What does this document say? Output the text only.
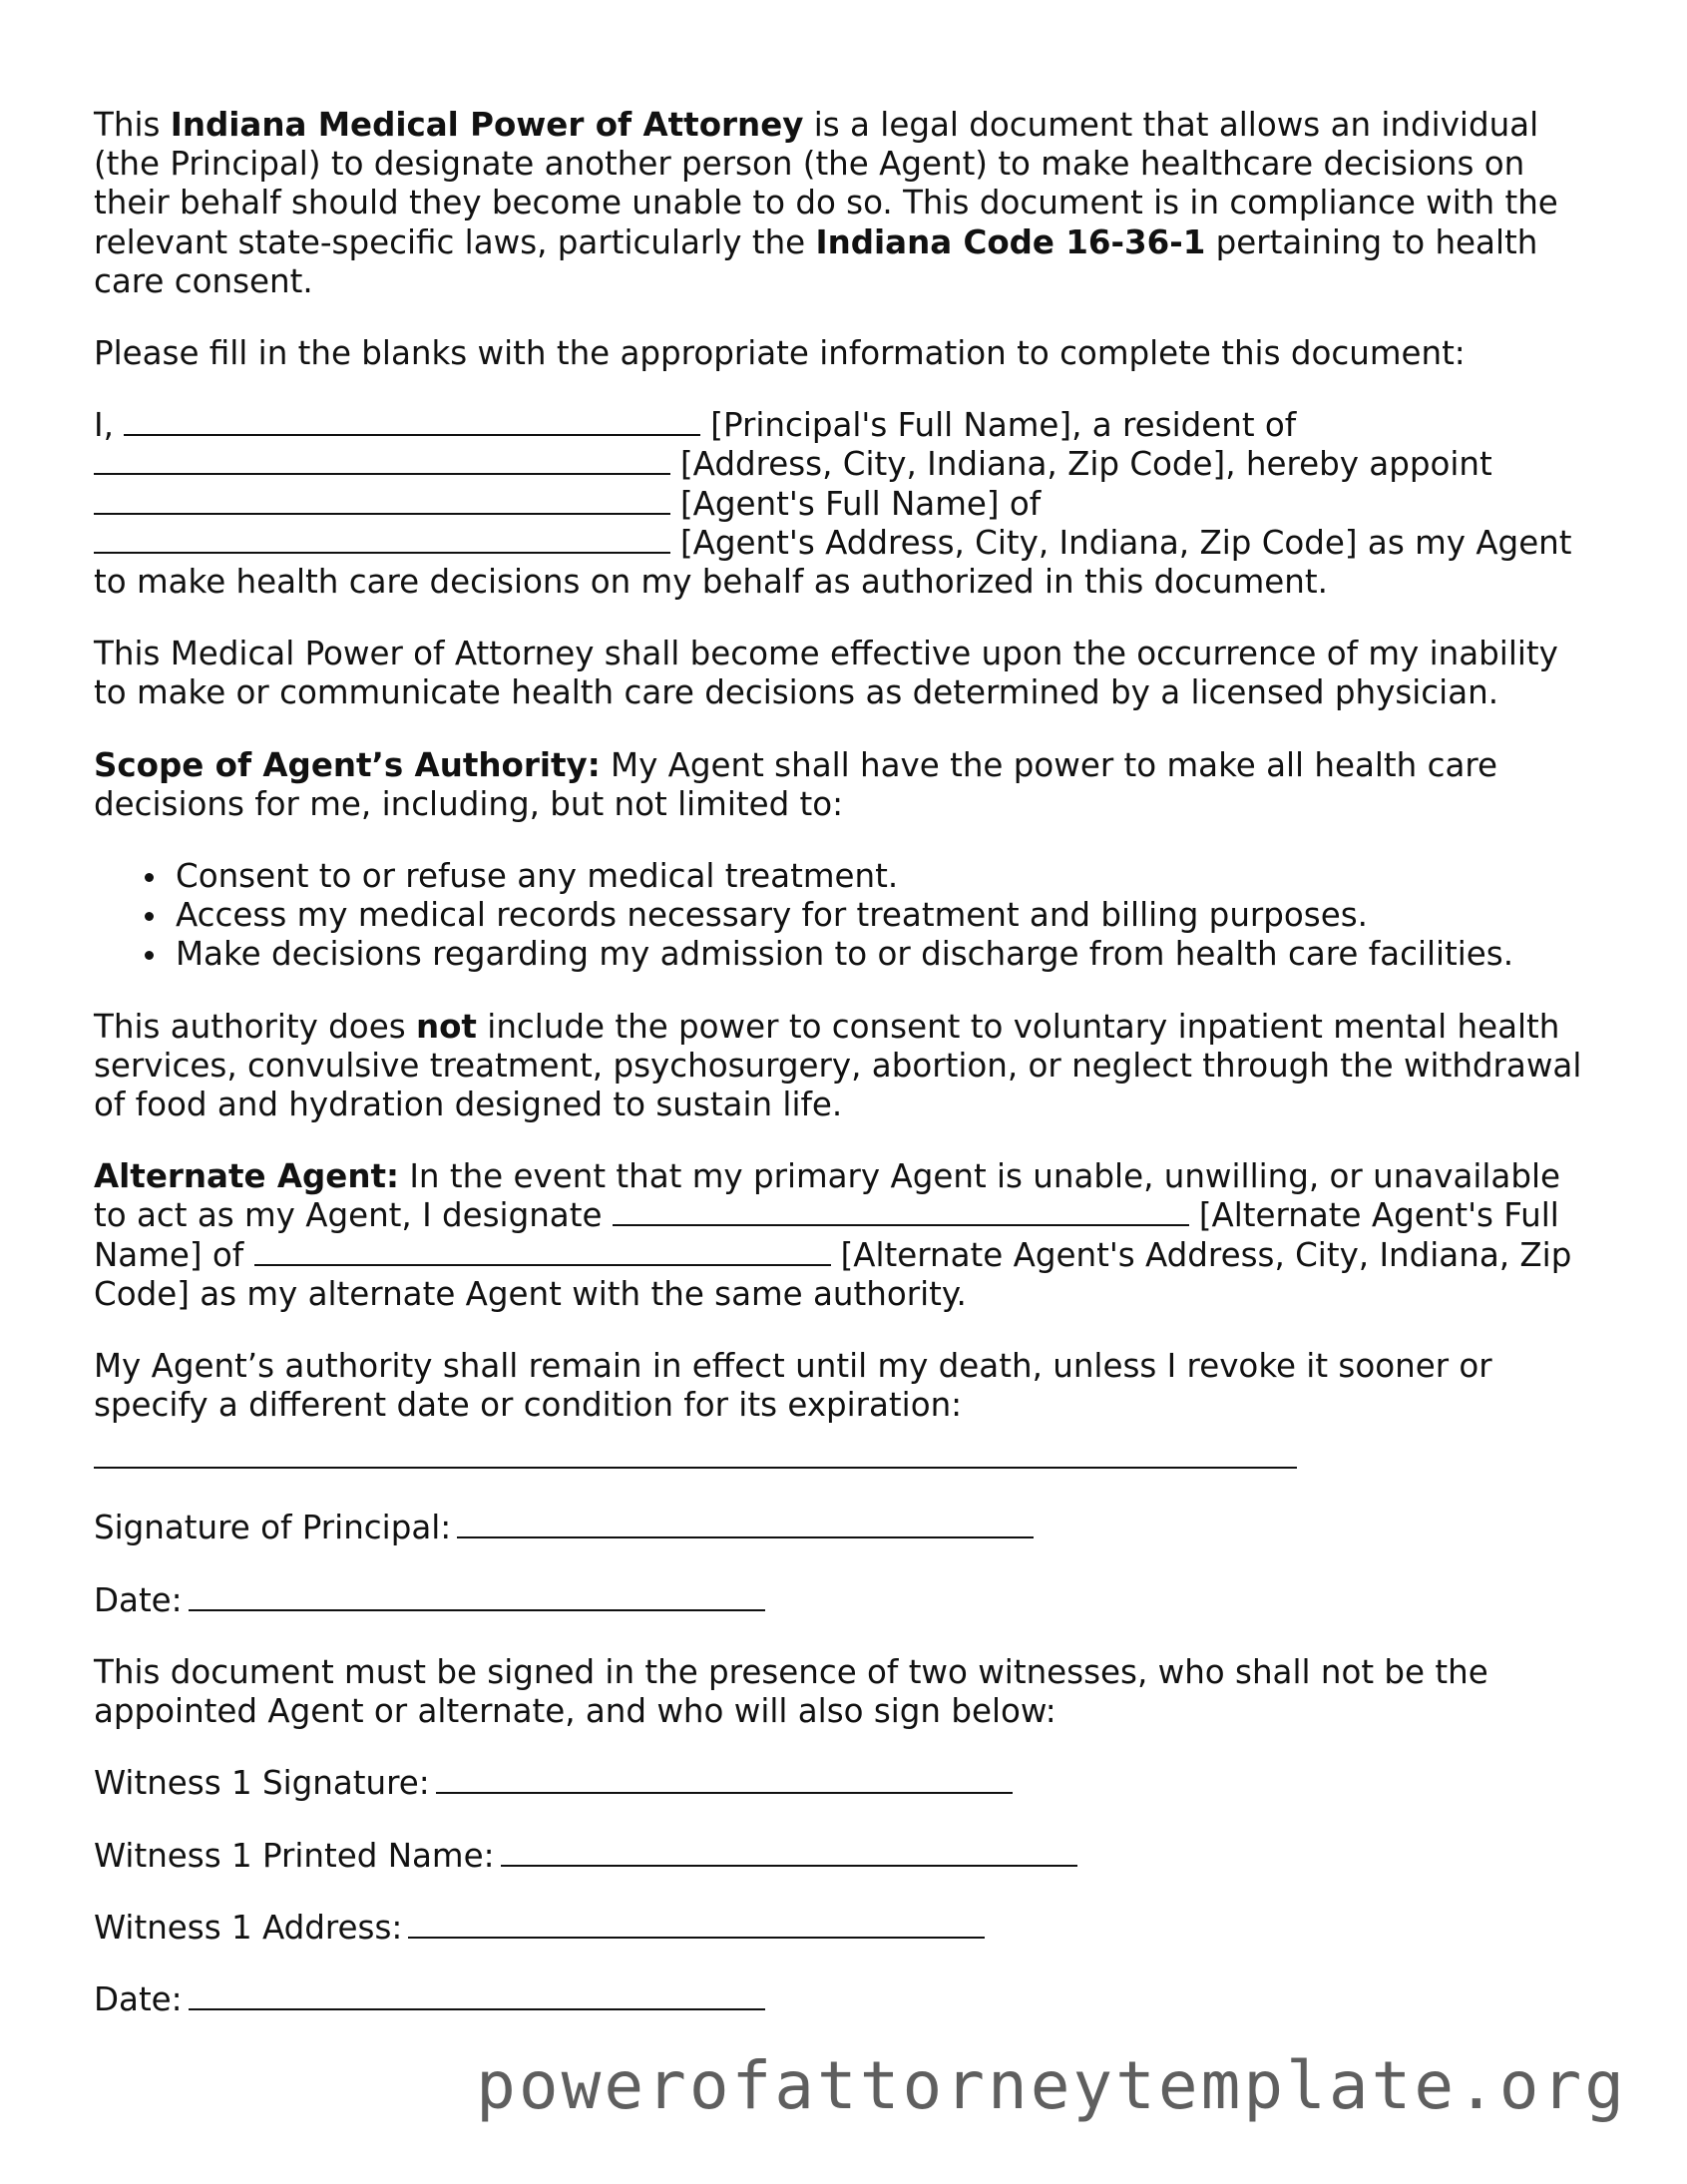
This Indiana Medical Power of Attorney is a legal document that allows an individual (the Principal) to designate another person (the Agent) to make healthcare decisions on their behalf should they become unable to do so. This document is in compliance with the relevant state-specific laws, particularly the Indiana Code 16-36-1 pertaining to health care consent.

Please fill in the blanks with the appropriate information to complete this document:

I,	[Principal's Full Name], a resident of
[Address, City, Indiana, Zip Code], hereby appoint
[Agent's Full Name] of
[Agent's Address, City, Indiana, Zip Code] as my Agent
to make health care decisions on my behalf as authorized in this document.

This Medical Power of Attorney shall become effective upon the occurrence of my inability to make or communicate health care decisions as determined by a licensed physician.

Scope of Agent’s Authority: My Agent shall have the power to make all health care decisions for me, including, but not limited to:

Consent to or refuse any medical treatment.
Access my medical records necessary for treatment and billing purposes.
Make decisions regarding my admission to or discharge from health care facilities.

This authority does not include the power to consent to voluntary inpatient mental health services, convulsive treatment, psychosurgery, abortion, or neglect through the withdrawal of food and hydration designed to sustain life.

Alternate Agent: In the event that my primary Agent is unable, unwilling, or unavailable to act as my Agent, I designate	[Alternate Agent's Full Name] of	[Alternate Agent's Address, City, Indiana, Zip Code] as my alternate Agent with the same authority.

My Agent’s authority shall remain in effect until my death, unless I revoke it sooner or specify a different date or condition for its expiration:

Signature of Principal:

Date:

This document must be signed in the presence of two witnesses, who shall not be the appointed Agent or alternate, and who will also sign below:

Witness 1 Signature:

Witness 1 Printed Name:

Witness 1 Address:

Date:

powerofattorneytemplate.org
